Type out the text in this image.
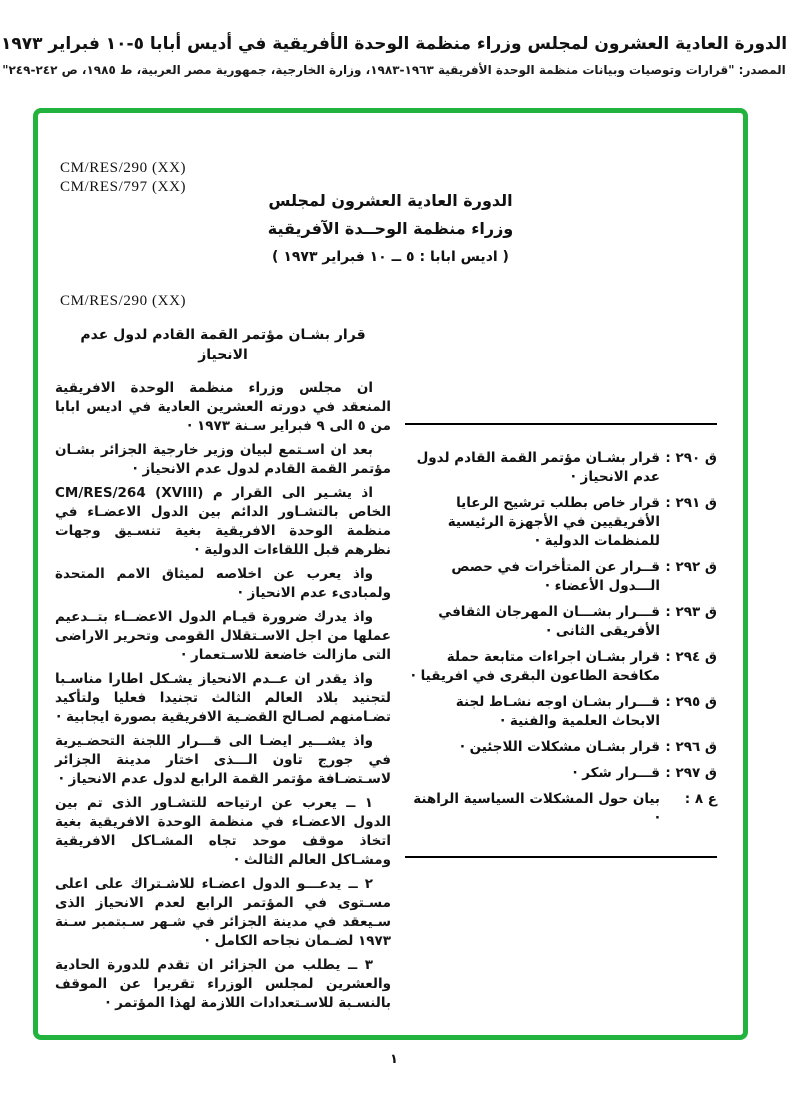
الدورة العادية العشرون لمجلس وزراء منظمة الوحدة الأفريقية في أديس أبابا ٥-١٠ فبراير ١٩٧٣
المصدر: "قرارات وتوصيات وبيانات منظمة الوحدة الأفريقية ١٩٦٣-١٩٨٣، وزارة الخارجية، جمهورية مصر العربية، ط ١٩٨٥، ص ٢٤٢-٢٤٩"
CM/RES/290 (XX)
CM/RES/797 (XX)
الدورة العادية العشرون لمجلس
وزراء منظمة الوحــدة الآفريقية
( اديس ابابا : ٥ ــ ١٠ فبراير ١٩٧٣ )
CM/RES/290 (XX)
قرار بشـان مؤتمر القمة القادم لدول عدم الانحياز

ان مجلس وزراء منظمة الوحدة الافريقية المنعقد في دورته العشرين العادية في اديس ابابا من ٥ الى ٩ فبراير سـنة ١٩٧٣ ·

بعد ان اسـتمع لبيان وزير خارجية الجزائر بشـان مؤتمر القمة القادم لدول عدم الانحياز ·

اذ يشـير الى القرار م CM/RES/264 (XVIII) الخاص بالتشـاور الدائم بين الدول الاعضـاء في منظمة الوحدة الافريقية بغية تنسـيق وجهات نظرهم قبل اللقاءات الدولية ·

واذ يعرب عن اخلاصه لميثاق الامم المتحدة ولمبادىء عدم الانحياز ·

واذ يدرك ضرورة قيـام الدول الاعضــاء بتــدعيم عملها من اجل الاسـتقلال القومى وتحرير الاراضى التى مازالت خاضعة للاسـتعمار ·

واذ يقدر ان عــدم الانحياز يشـكل اطارا مناسـبا لتجنيد بلاد العالم الثالث تجنيدا فعليا ولتأكيد تضـامنهم لصـالح القضـية الافريقية بصورة ايجابية ·

واذ يشـــير ايضـا الى قـــرار اللجنة التحضـيرية في جورج تاون الـــذى اختار مدينة الجزائر لاسـتضـافة مؤتمر القمة الرابع لدول عدم الانحياز ·

١ ــ يعرب عن ارتياحه للتشـاور الذى تم بين الدول الاعضـاء في منظمة الوحدة الافريقية بغية اتخاذ موقف موحد تجاه المشـاكل الافريقية ومشـاكل العالم الثالث ·

٢ ــ يدعـــو الدول اعضـاء للاشـتراك على اعلى مسـتوى في المؤتمر الرابع لعدم الانحياز الذى سـيعقد في مدينة الجزائر في شـهر سـبتمبر سـنة ١٩٧٣ لضـمان نجاحه الكامل ·

٣ ــ يطلب من الجزائر ان تقدم للدورة الحادية والعشرين لمجلس الوزراء تقريرا عن الموقف بالنسـبة للاسـتعدادات اللازمة لهذا المؤتمر ·

ق ٢٩٠ :
قرار بشـان مؤتمر القمة القادم لدول عدم الانحياز ·
ق ٢٩١ :
قرار خاص بطلب ترشيح الرعايا الأفريقيين في الأجهزة الرئيسية للمنظمات الدولية ·
ق ٢٩٢ :
قــرار عن المتأخرات في حصص الـــدول الأعضاء ·
ق ٢٩٣ :
قـــرار بشـــان المهرجان الثقافي الأفريقى الثانى ·
ق ٢٩٤ :
قرار بشـان اجراءات متابعة حملة مكافحة الطاعون البقرى في افريقيا ·
ق ٢٩٥ :
قـــرار بشـان اوجه نشـاط لجنة الابحاث العلمية والفنية ·
ق ٢٩٦ :
قرار بشـان مشكلات اللاجئين ·
ق ٢٩٧ :
قـــرار شكر ·
ع ٨ :
بيان حول المشكلات السياسية الراهنة ·
١
